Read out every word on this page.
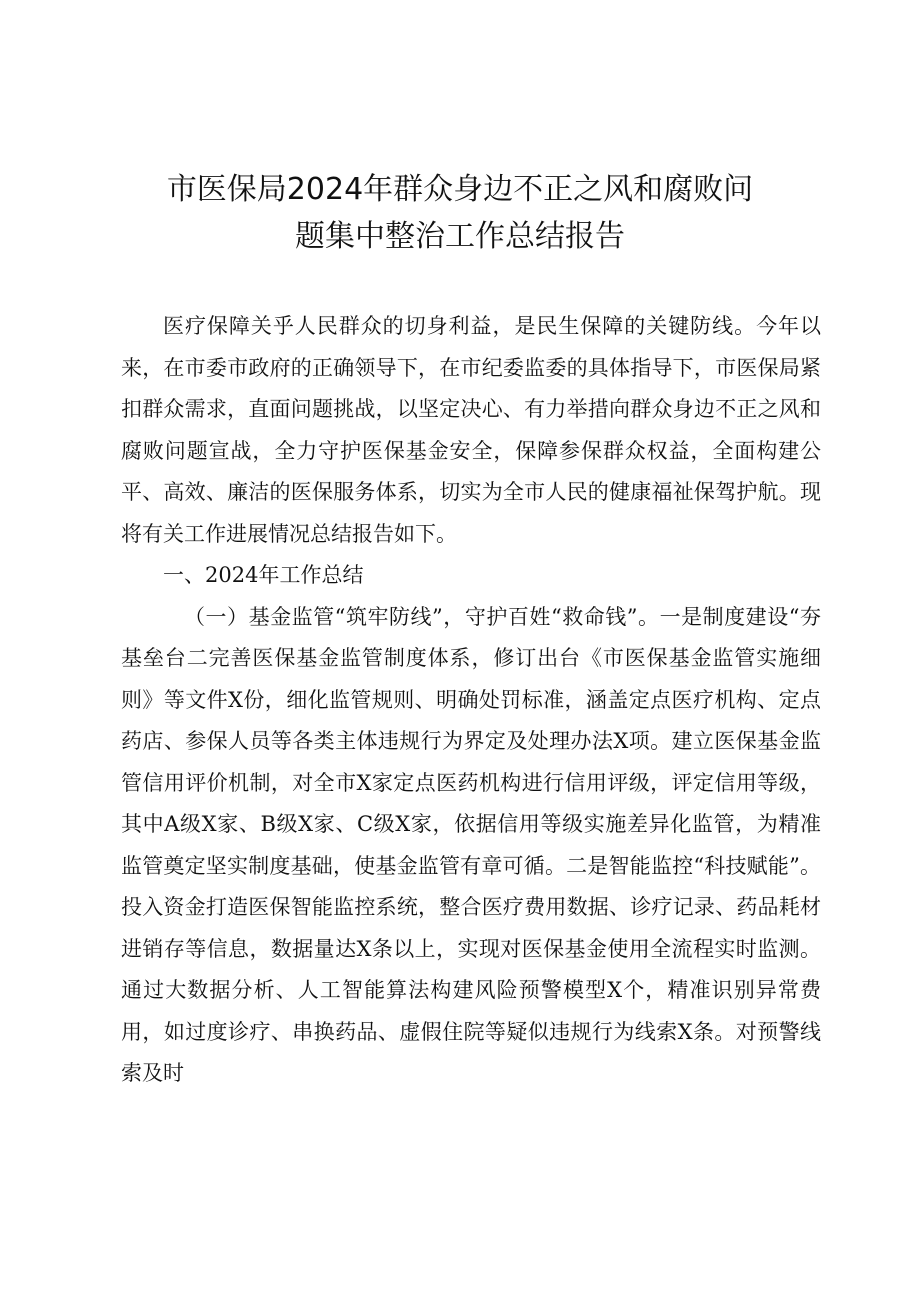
市医保局2024年群众身边不正之风和腐败问
题集中整治工作总结报告

医疗保障关乎人民群众的切身利益，是民生保障的关键防线。今年以来，在市委市政府的正确领导下，在市纪委监委的具体指导下，市医保局紧扣群众需求，直面问题挑战，以坚定决心、有力举措向群众身边不正之风和腐败问题宣战，全力守护医保基金安全，保障参保群众权益，全面构建公平、高效、廉洁的医保服务体系，切实为全市人民的健康福祉保驾护航。现将有关工作进展情况总结报告如下。

一、2024年工作总结

（一）基金监管“筑牢防线”，守护百姓“救命钱”。一是制度建设“夯基垒台二完善医保基金监管制度体系，修订出台《市医保基金监管实施细则》等文件X份，细化监管规则、明确处罚标准，涵盖定点医疗机构、定点药店、参保人员等各类主体违规行为界定及处理办法X项。建立医保基金监管信用评价机制，对全市X家定点医药机构进行信用评级，评定信用等级，其中A级X家、B级X家、C级X家，依据信用等级实施差异化监管，为精准监管奠定坚实制度基础，使基金监管有章可循。二是智能监控“科技赋能”。投入资金打造医保智能监控系统，整合医疗费用数据、诊疗记录、药品耗材进销存等信息，数据量达X条以上，实现对医保基金使用全流程实时监测。通过大数据分析、人工智能算法构建风险预警模型X个，精准识别异常费用，如过度诊疗、串换药品、虚假住院等疑似违规行为线索X条。对预警线索及时
